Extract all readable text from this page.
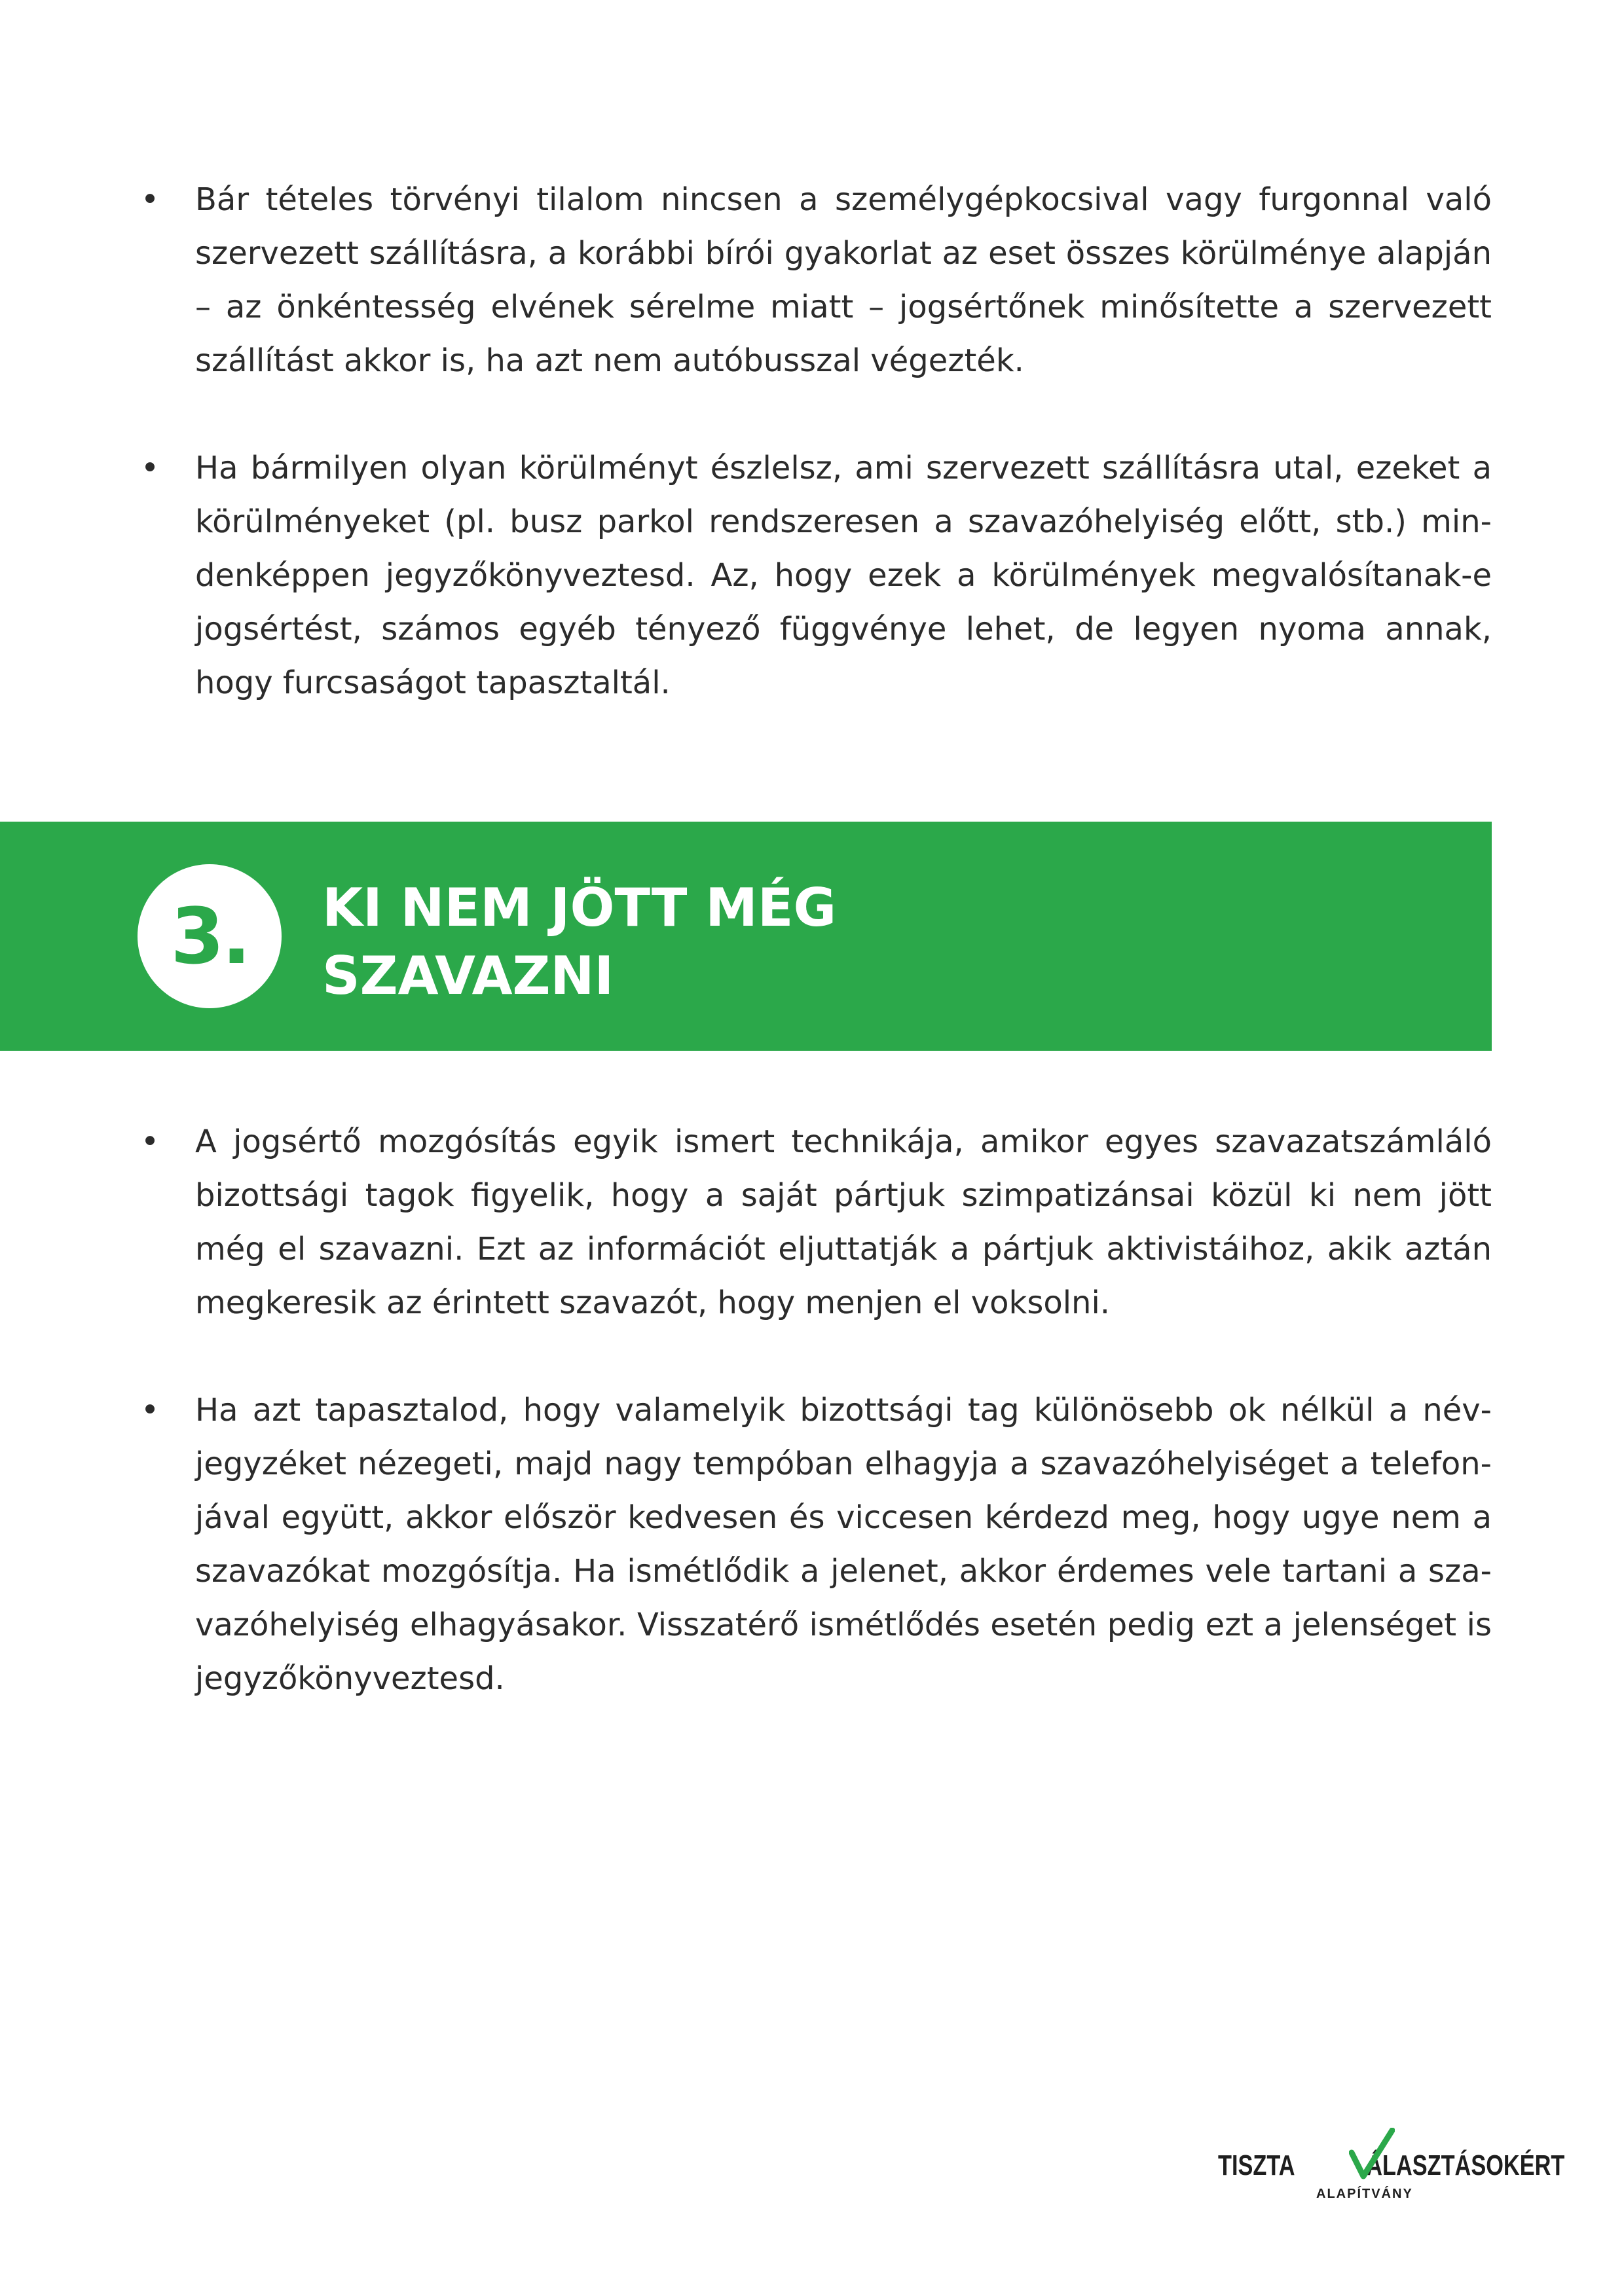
• Bár tételes törvényi tilalom nincsen a személygépkocsival vagy furgonnal való szervezett szállításra, a korábbi bírói gyakorlat az eset összes körülménye alapján – az önkéntesség elvének sérelme miatt – jogsértőnek minősítette a szervezett szállítást akkor is, ha azt nem autóbusszal végezték.
• Ha bármilyen olyan körülményt észlelsz, ami szervezett szállításra utal, ezeket a körülményeket (pl. busz parkol rendszeresen a szavazóhelyiség előtt, stb.) mindenképpen jegyzőkönyveztesd. Az, hogy ezek a körülmények megvalósítanak-e jogsértést, számos egyéb tényező függvénye lehet, de legyen nyoma annak, hogy furcsaságot tapasztaltál.
3. KI NEM JÖTT MÉG
SZAVAZNI
• A jogsértő mozgósítás egyik ismert technikája, amikor egyes szavazatszámláló bizottsági tagok figyelik, hogy a saját pártjuk szimpatizánsai közül ki nem jött még el szavazni. Ezt az információt eljuttatják a pártjuk aktivistáihoz, akik aztán megkeresik az érintett szavazót, hogy menjen el voksolni.
• Ha azt tapasztalod, hogy valamelyik bizottsági tag különösebb ok nélkül a névjegyzéket nézegeti, majd nagy tempóban elhagyja a szavazóhelyiséget a telefonjával együtt, akkor először kedvesen és viccesen kérdezd meg, hogy ugye nem a szavazókat mozgósítja. Ha ismétlődik a jelenet, akkor érdemes vele tartani a szavazóhelyiség elhagyásakor. Visszatérő ismétlődés esetén pedig ezt a jelenséget is jegyzőkönyveztesd.
TISZTA ÁLASZTÁSOKÉRT
ALAPÍTVÁNY
